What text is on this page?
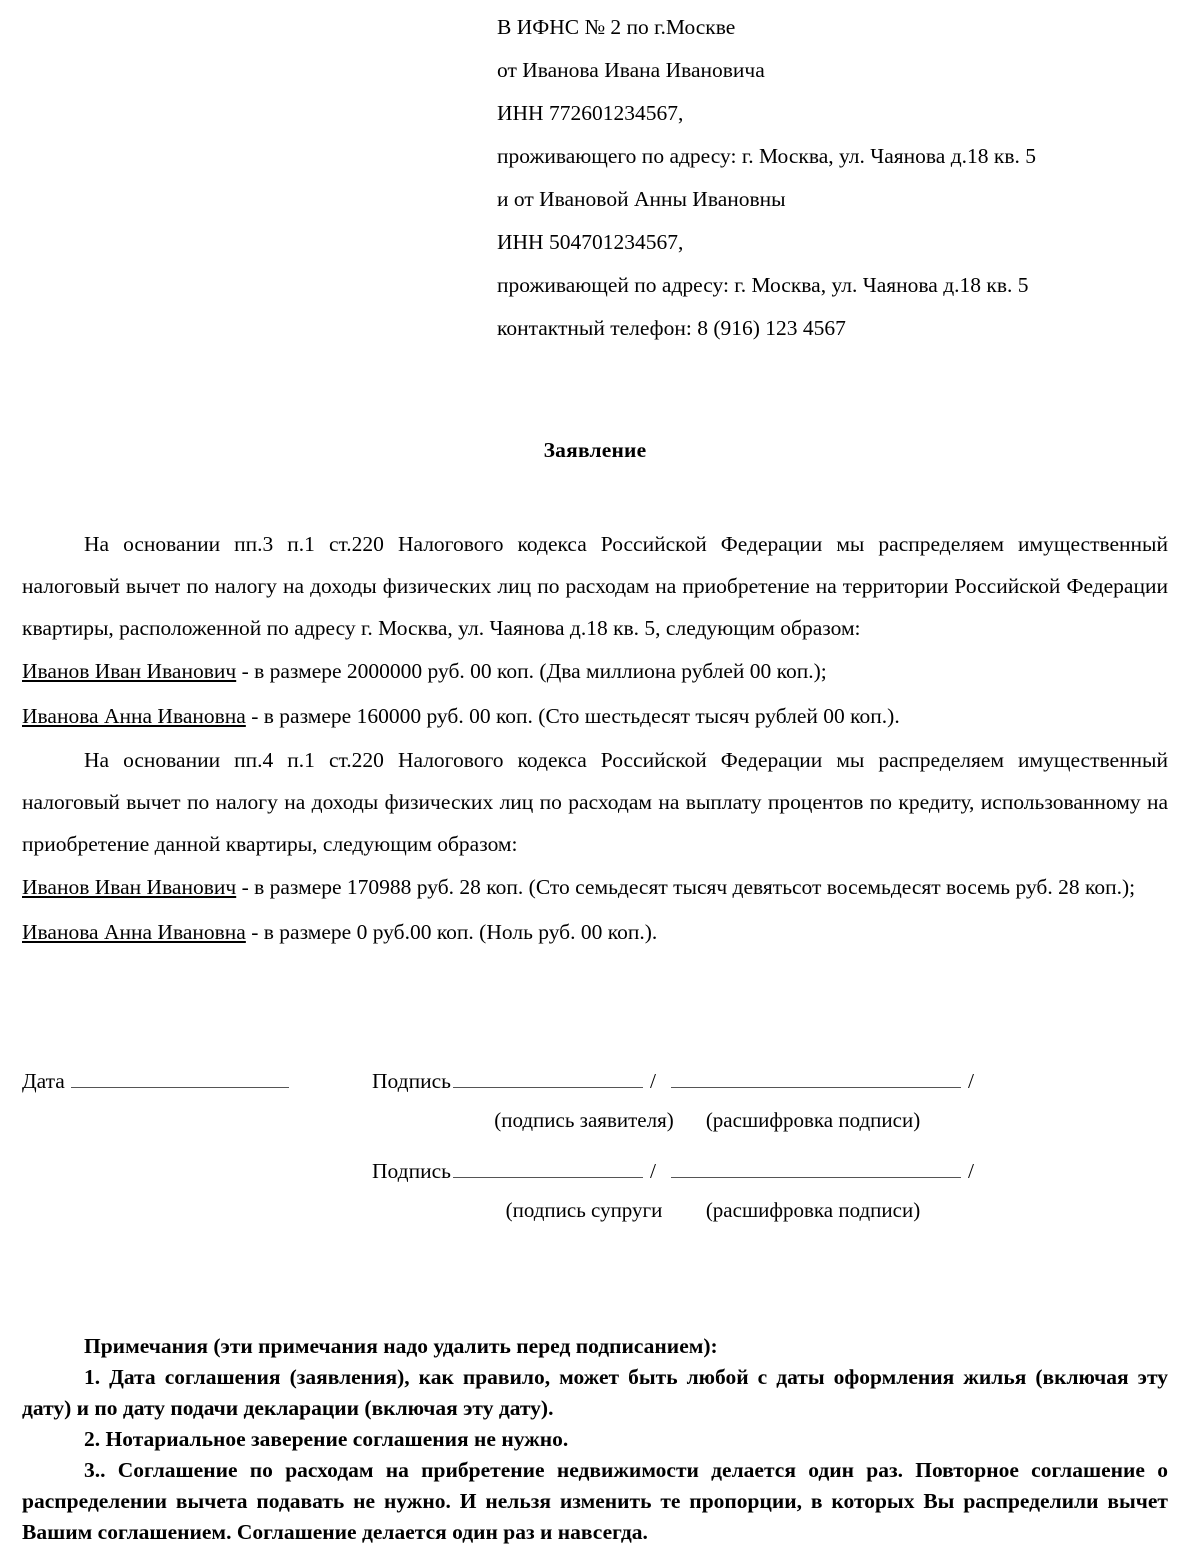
В ИФНС № 2 по г.Москве
от Иванова Ивана Ивановича
ИНН 772601234567,
проживающего по адресу: г. Москва, ул. Чаянова д.18 кв. 5
и от Ивановой Анны Ивановны
ИНН 504701234567,
проживающей по адресу: г. Москва, ул. Чаянова д.18 кв. 5
контактный телефон: 8 (916) 123 4567
Заявление

На основании пп.3 п.1 ст.220 Налогового кодекса Российской Федерации мы распределяем имущественный налоговый вычет по налогу на доходы физических лиц по расходам на приобретение на территории Российской Федерации квартиры, расположенной по адресу г. Москва, ул. Чаянова д.18 кв. 5, следующим образом:

Иванов Иван Иванович - в размере 2000000 руб. 00 коп. (Два миллиона рублей 00 коп.);

Иванова Анна Ивановна - в размере 160000 руб. 00 коп. (Сто шестьдесят тысяч рублей 00 коп.).

На основании пп.4 п.1 ст.220 Налогового кодекса Российской Федерации мы распределяем имущественный налоговый вычет по налогу на доходы физических лиц по расходам на выплату процентов по кредиту, использованному на приобретение данной квартиры, следующим образом:

Иванов Иван Иванович - в размере 170988 руб. 28 коп. (Сто семьдесят тысяч девятьсот восемьдесят восемь руб. 28 коп.);

Иванова Анна Ивановна - в размере 0 руб.00 коп. (Ноль руб. 00 коп.).

Дата	Подпись	/	/
(подпись заявителя)	(расшифровка подписи)
Подпись	/	/
(подпись супруги	(расшифровка подписи)

Примечания (эти примечания надо удалить перед подписанием):

1. Дата соглашения (заявления), как правило, может быть любой с даты оформления жилья (включая эту дату) и по дату подачи декларации (включая эту дату).

2. Нотариальное заверение соглашения не нужно.

3.. Соглашение по расходам на прибретение недвижимости делается один раз. Повторное соглашение о распределении вычета подавать не нужно. И нельзя изменить те пропорции, в которых Вы распределили вычет Вашим соглашением. Соглашение делается один раз и навсегда.
